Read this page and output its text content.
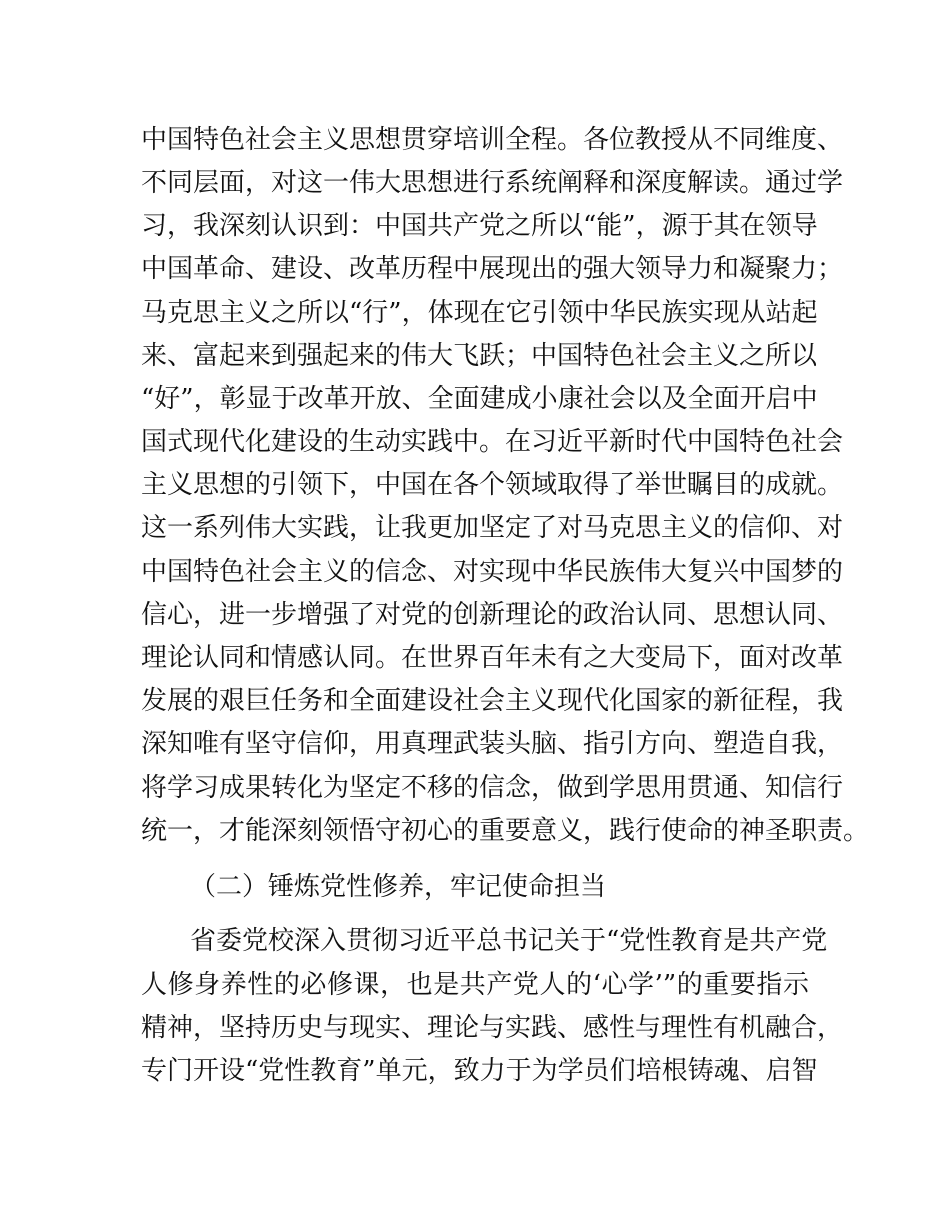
中国特色社会主义思想贯穿培训全程。各位教授从不同维度、
不同层面，对这一伟大思想进行系统阐释和深度解读。通过学
习，我深刻认识到：中国共产党之所以“能”，源于其在领导
中国革命、建设、改革历程中展现出的强大领导力和凝聚力；
马克思主义之所以“行”，体现在它引领中华民族实现从站起
来、富起来到强起来的伟大飞跃；中国特色社会主义之所以
“好”，彰显于改革开放、全面建成小康社会以及全面开启中
国式现代化建设的生动实践中。在习近平新时代中国特色社会
主义思想的引领下，中国在各个领域取得了举世瞩目的成就。
这一系列伟大实践，让我更加坚定了对马克思主义的信仰、对
中国特色社会主义的信念、对实现中华民族伟大复兴中国梦的
信心，进一步增强了对党的创新理论的政治认同、思想认同、
理论认同和情感认同。在世界百年未有之大变局下，面对改革
发展的艰巨任务和全面建设社会主义现代化国家的新征程，我
深知唯有坚守信仰，用真理武装头脑、指引方向、塑造自我，
将学习成果转化为坚定不移的信念，做到学思用贯通、知信行
统一，才能深刻领悟守初心的重要意义，践行使命的神圣职责。
（二）锤炼党性修养，牢记使命担当
省委党校深入贯彻习近平总书记关于“党性教育是共产党
人修身养性的必修课，也是共产党人的‘心学’”的重要指示
精神，坚持历史与现实、理论与实践、感性与理性有机融合，
专门开设“党性教育”单元，致力于为学员们培根铸魂、启智
